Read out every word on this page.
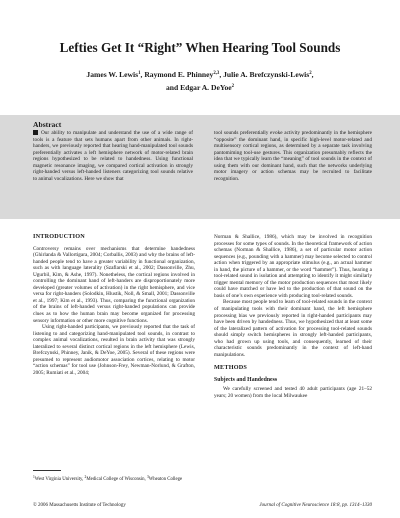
Lefties Get It “Right” When Hearing Tool Sounds
James W. Lewis$^1$, Raymond E. Phinney$^{2,3}$, Julie A. Brefczynski-Lewis$^2$,
and Edgar A. DeYoe$^2$
Abstract
Our ability to manipulate and understand the use of a wide range of tools is a feature that sets humans apart from other animals. In right-handers, we previously reported that hearing hand-manipulated tool sounds preferentially activates a left hemisphere network of motor-related brain regions hypothesized to be related to handedness. Using functional magnetic resonance imaging, we compared cortical activation in strongly right-handed versus left-handed listeners categorizing tool sounds relative to animal vocalizations. Here we show that
tool sounds preferentially evoke activity predominantly in the hemisphere “opposite” the dominant hand, in specific high-level motor-related and multisensory cortical regions, as determined by a separate task involving pantomiming tool-use gestures. This organization presumably reflects the idea that we typically learn the “meaning” of tool sounds in the context of using them with our dominant hand, such that the networks underlying motor imagery or action schemas may be recruited to facilitate recognition.
INTRODUCTION

Controversy remains over mechanisms that determine handedness (Ghirlanda & Vallortigara, 2004; Corballis, 2003) and why the brains of left-handed people tend to have a greater variability in functional organization, such as with language laterality (Szaflarski et al., 2002; Dassonville, Zhu, Ugurbil, Kim, & Ashe, 1997). Nonetheless, the cortical regions involved in controlling the dominant hand of left-handers are disproportionately more developed (greater volumes of activation) in the right hemisphere, and vice versa for right-handers (Solodkin, Hlustik, Noll, & Small, 2001; Dassonville et al., 1997; Kim et al., 1993). Thus, comparing the functional organization of the brains of left-handed versus right-handed populations can provide clues as to how the human brain may become organized for processing sensory information or other more cognitive functions.

Using right-handed participants, we previously reported that the task of listening to and categorizing hand-manipulated tool sounds, in contrast to complex animal vocalizations, resulted in brain activity that was strongly lateralized to several distinct cortical regions in the left hemisphere (Lewis, Brefczynski, Phinney, Janik, & DeYoe, 2005). Several of these regions were presumed to represent audiomotor association cortices, relating to motor “action schemas” for tool use (Johnson-Frey, Newman-Norlund, & Grafton, 2005; Rumiati et al., 2004;

Norman & Shallice, 1986), which may be involved in recognition processes for some types of sounds. In the theoretical framework of action schemas (Norman & Shallice, 1986), a set of particular motor action sequences (e.g., pounding with a hammer) may become selected to control action when triggered by an appropriate stimulus (e.g., an actual hammer in hand, the picture of a hammer, or the word “hammer”). Thus, hearing a tool-related sound in isolation and attempting to identify it might similarly trigger mental memory of the motor production sequences that most likely could have matched or have led to the production of that sound on the basis of one’s own experience with producing tool-related sounds.

Because most people tend to learn of tool-related sounds in the context of manipulating tools with their dominant hand, the left hemisphere processing bias we previously reported in right-handed participants may have been driven by handedness. Thus, we hypothesized that at least some of the lateralized pattern of activation for processing tool-related sounds should simply switch hemispheres in strongly left-handed participants, who had grown up using tools, and consequently, learned of their characteristic sounds predominantly in the context of left-hand manipulations.

METHODS
Subjects and Handedness

We carefully screened and tested 40 adult participants (age 21–52 years; 20 women) from the local Milwaukee

$^1$West Virginia University, $^2$Medical College of Wisconsin, $^3$Wheaton College
© 2006 Massachusetts Institute of Technology	Journal of Cognitive Neuroscience 18:8, pp. 1314–1330
